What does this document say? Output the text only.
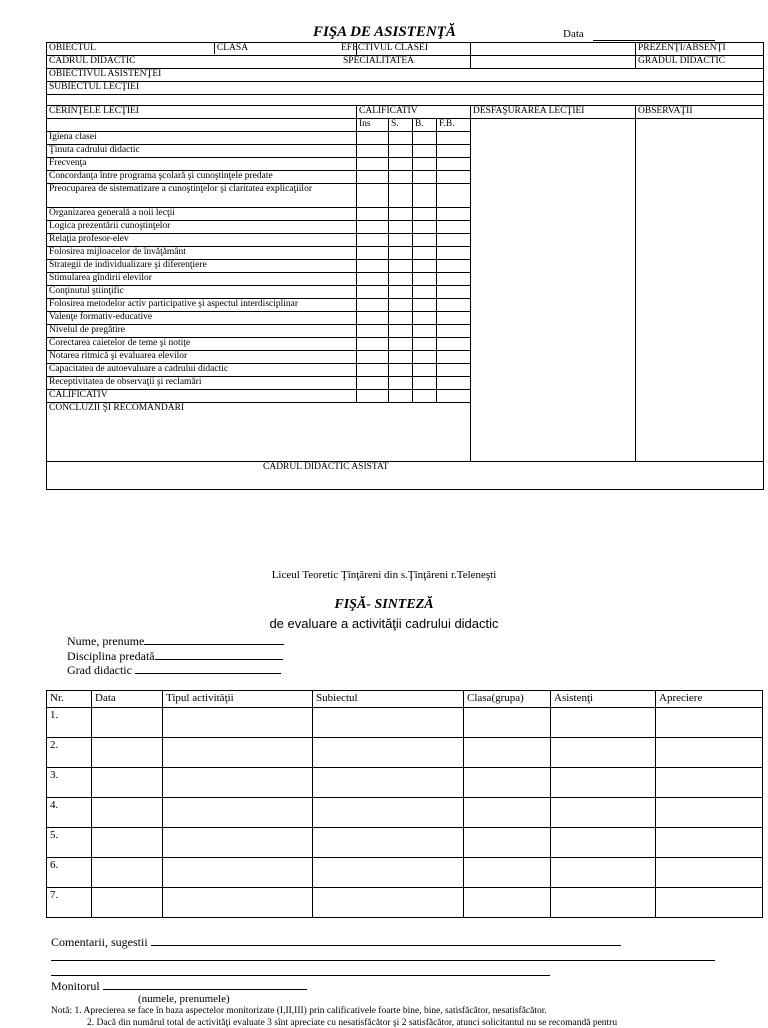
FIŞA DE ASISTENŢĂ	Data
OBIECTUL CLASA					EFECTIVUL CLASEI	PREZENŢI/ABSENŢI
CADRUL DIDACTIC					SPECIALITATEA	GRADUL DIDACTIC
OBIECTIVUL ASISTENŢEI						
SUBIECTUL LECŢIEI						

CERINŢELE LECŢIEI	CALIFICATIV				DESFAŞURAREA LECŢIEI	OBSERVAŢII
	Ins	S.	B.	F.B.		
Igiena clasei						
Ţinuta cadrului didactic						
Frecvenţa						
Concordanţa între programa şcolară şi cunoştinţele predate						
Preocuparea de sistematizare a cunoştinţelor şi claritatea explicaţiilor						
Organizarea generală a noii lecţii						
Logica prezentării cunoştinţelor						
Relaţia profesor-elev						
Folosirea mijloacelor de învăţământ						
Strategii de individualizare şi diferenţiere						
Stimularea gîndirii elevilor						
Conţinutul ştiinţific						
Folosirea metodelor activ participative şi aspectul interdisciplinar						
Valenţe formativ-educative						
Nivelul de pregătire						
Corectarea caietelor de teme şi notiţe						
Notarea ritmică şi evaluarea elevilor						
Capacitatea de autoevaluare a cadrului didactic						
Receptivitatea de observaţii şi reclamări						
CALIFICATIV						
CONCLUZII ŞI RECOMANDĂRI						
CADRUL DIDACTIC ASISTAT						
Liceul Teoretic Ţînţăreni din s.Ţînţăreni r.Teleneşti
FIŞĂ- SINTEZĂ
de evaluare a activităţii cadrului didactic
Nume, prenume
Disciplina predată
Grad didactic
Nr.	Data	Tipul activităţii	Subiectul	Clasa(grupa)	Asistenţi	Apreciere
1.						
2.						
3.						
4.						
5.						
6.						
7.						
Comentarii, sugestii
Monitorul
(numele, prenumele)
Notă: 1. Aprecierea se face în baza aspectelor monitorizate (I,II,III) prin calificativele foarte bine, bine, satisfăcător, nesatisfăcător.
2. Dacă din numărul total de activităţi evaluate 3 sînt apreciate cu nesatisfăcător şi 2 satisfăcător, atunci solicitantul nu se recomandă pentru
